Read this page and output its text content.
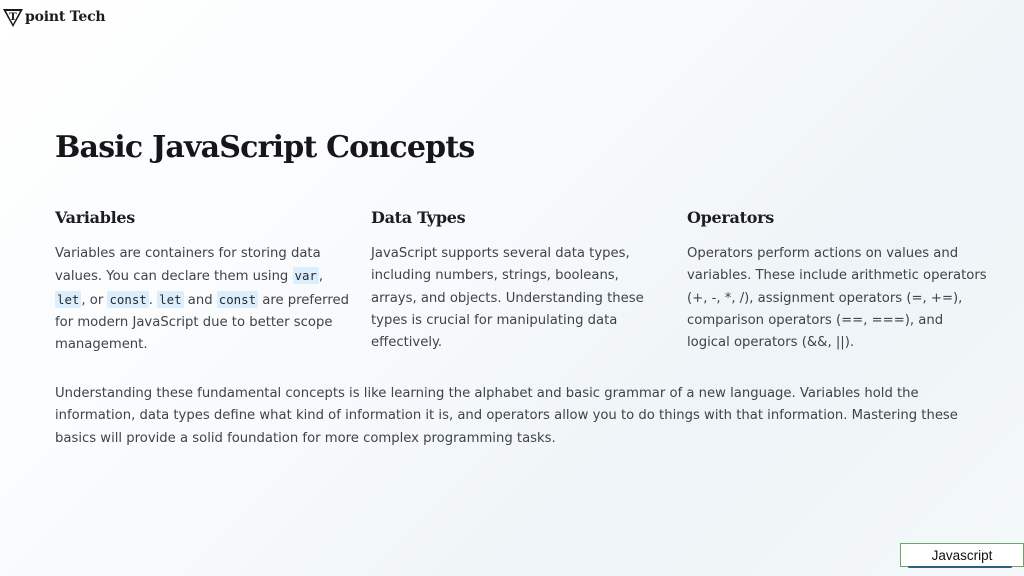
T point Tech
Basic JavaScript Concepts
Variables

Variables are containers for storing data values. You can declare them using var , let , or const . let and const are preferred for modern JavaScript due to better scope management.

Data Types

JavaScript supports several data types, including numbers, strings, booleans, arrays, and objects. Understanding these types is crucial for manipulating data effectively.

Operators

Operators perform actions on values and variables. These include arithmetic operators (+, -, *, /), assignment operators (=, +=), comparison operators (==, ===), and logical operators (&&, ||).

Understanding these fundamental concepts is like learning the alphabet and basic grammar of a new language. Variables hold the information, data types define what kind of information it is, and operators allow you to do things with that information. Mastering these basics will provide a solid foundation for more complex programming tasks.

Javascript
